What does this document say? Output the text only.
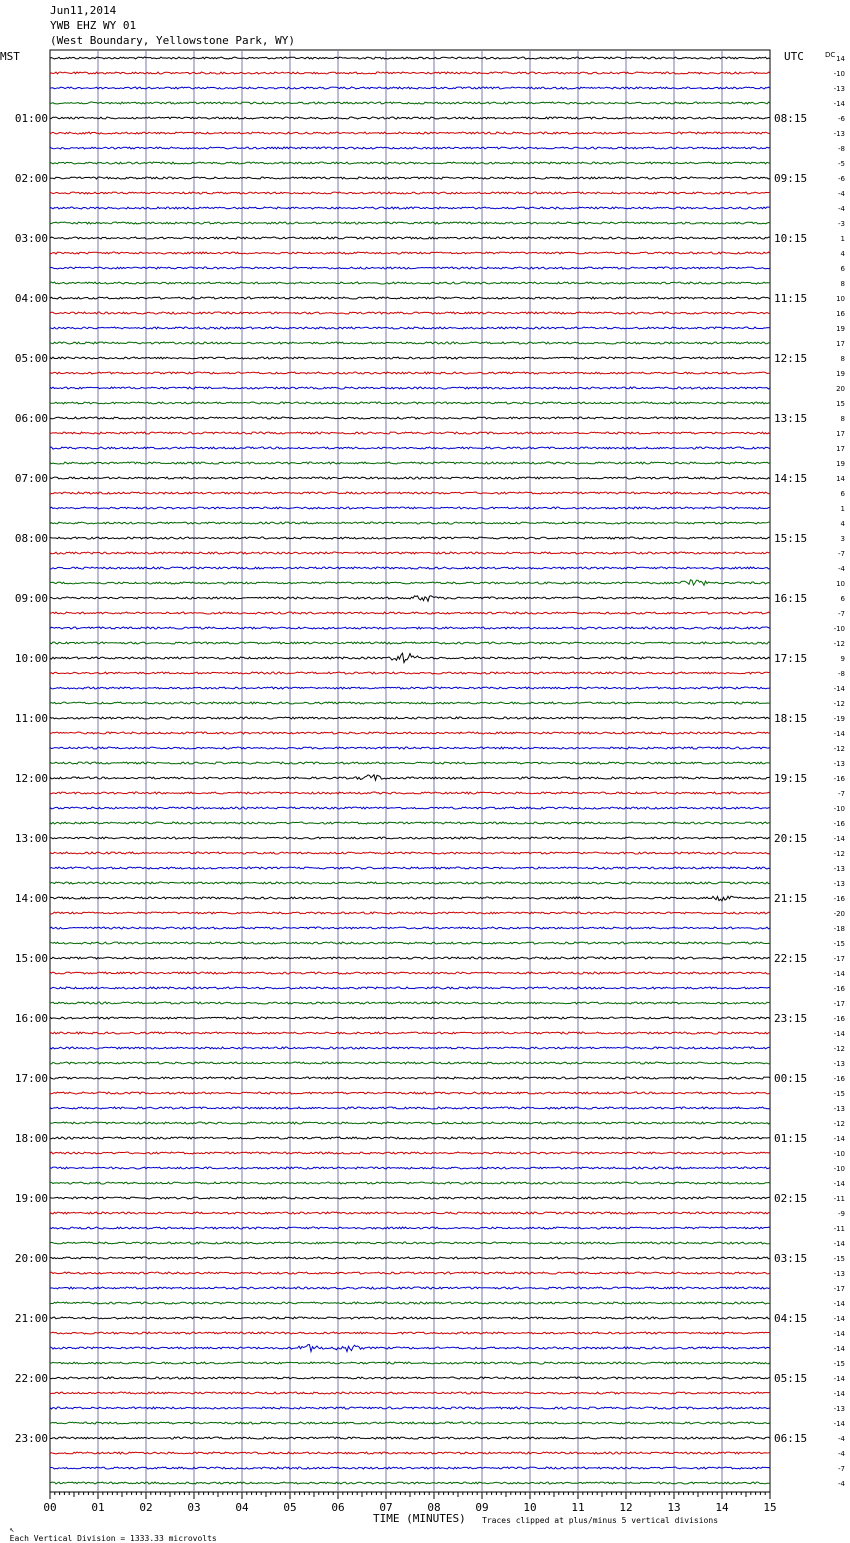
Jun11,2014
YWB EHZ WY 01
(West Boundary, Yellowstone Park, WY)
MST	UTC	14
-10
-13
-14
-6
-13
-8
-5
-6
-4
-4
-3
1
4
6
8
10
16
19
17
8
19
20
15
8
17
17
19
14
6
1
4
3
-7
-4
10
6
-7
-10
-12
9
-8
-14
-12
-19
-14
-12
-13
-16
-7
-10
-16
-14
-12
-13
-13
-16
-20
-18
-15
-17
-14
-16
-17
-16
-14
-12
-13
-16
-15
-13
-12
-14
-10
-10
-14
-11
-9
-11
-14
-15
-13
-17
-14
-14
-14
-14
-15
-14
-14
-13
-14
-4
-4
-7
-4
DC
01:00	08:15
02:00	09:15
03:00	10:15
04:00	11:15
05:00	12:15
06:00	13:15
07:00	14:15
08:00	15:15
09:00	16:15
10:00	17:15
11:00	18:15
12:00	19:15
13:00	20:15
14:00	21:15
15:00	22:15
16:00	23:15
17:00	00:15
18:00	01:15
19:00	02:15
20:00	03:15
21:00	04:15
22:00	05:15
23:00	06:15
00	01	02	03	04	05	06	07	08	09	10	11	12	13	14	15

↖
Each Vertical Division = 1333.33 microvolts

TIME (MINUTES) Traces clipped at plus/minus 5 vertical divisions
